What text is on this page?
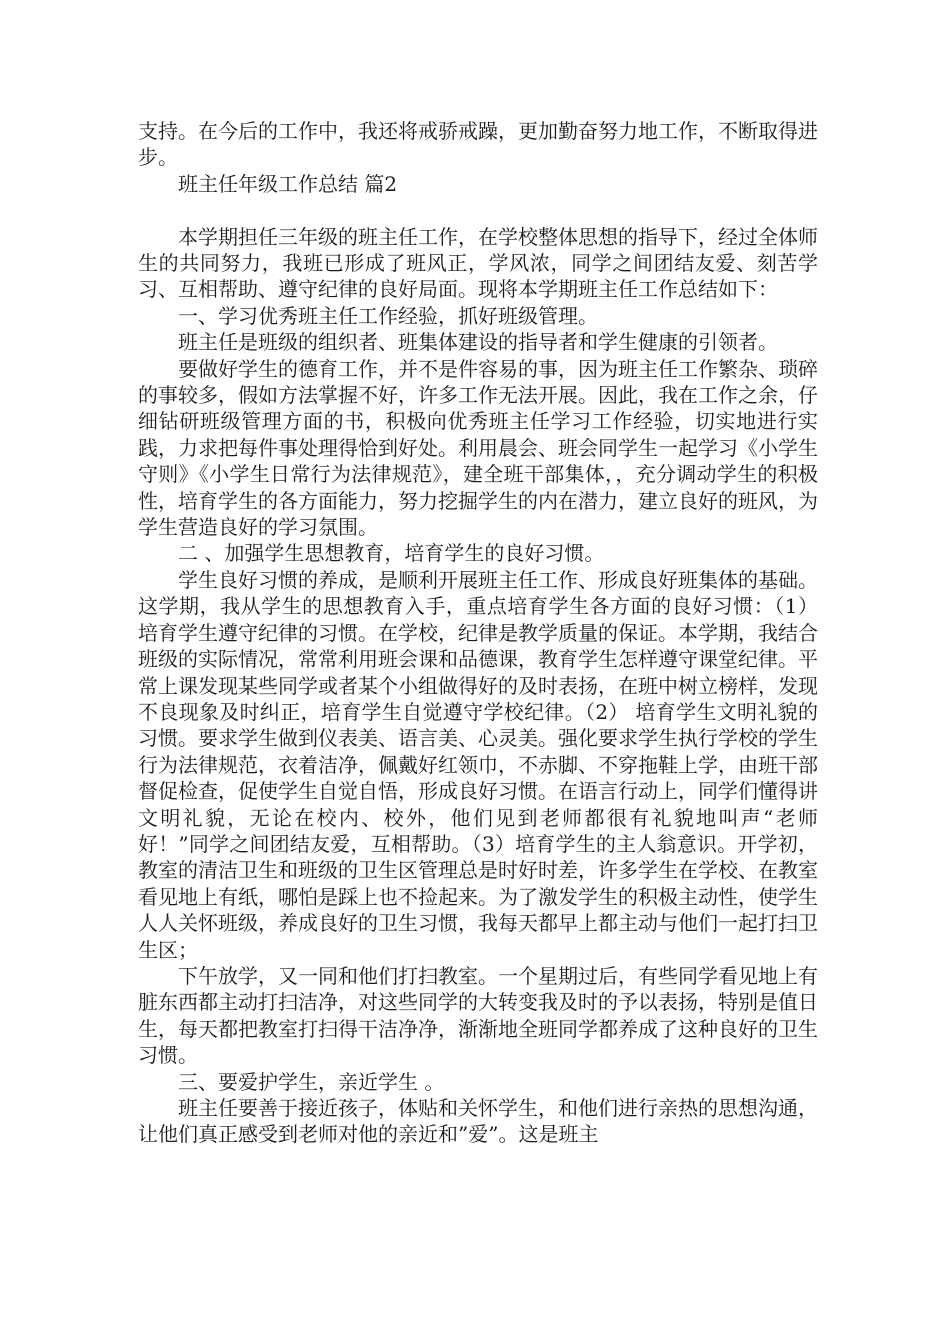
支持。在今后的工作中，我还将戒骄戒躁，更加勤奋努力地工作，不断取得进步。

班主任年级工作总结 篇2

本学期担任三年级的班主任工作，在学校整体思想的指导下，经过全体师生的共同努力，我班已形成了班风正，学风浓，同学之间团结友爱、刻苦学习、互相帮助、遵守纪律的良好局面。现将本学期班主任工作总结如下：

一、学习优秀班主任工作经验，抓好班级管理。

班主任是班级的组织者、班集体建设的指导者和学生健康的引领者。

要做好学生的德育工作，并不是件容易的事，因为班主任工作繁杂、琐碎的事较多，假如方法掌握不好，许多工作无法开展。因此，我在工作之余，仔细钻研班级管理方面的书，积极向优秀班主任学习工作经验，切实地进行实践，力求把每件事处理得恰到好处。利用晨会、班会同学生一起学习《小学生守则》《小学生日常行为法律规范》，建全班干部集体，，充分调动学生的积极性，培育学生的各方面能力，努力挖掘学生的内在潜力，建立良好的班风，为学生营造良好的学习氛围。

二 、加强学生思想教育，培育学生的良好习惯。

学生良好习惯的养成，是顺利开展班主任工作、形成良好班集体的基础。这学期，我从学生的思想教育入手，重点培育学生各方面的良好习惯：（1） 培育学生遵守纪律的习惯。在学校，纪律是教学质量的保证。本学期，我结合班级的实际情况，常常利用班会课和品德课，教育学生怎样遵守课堂纪律。平常上课发现某些同学或者某个小组做得好的及时表扬，在班中树立榜样，发现不良现象及时纠正，培育学生自觉遵守学校纪律。（2） 培育学生文明礼貌的习惯。要求学生做到仪表美、语言美、心灵美。强化要求学生执行学校的学生行为法律规范，衣着洁净，佩戴好红领巾，不赤脚、不穿拖鞋上学，由班干部督促检查，促使学生自觉自悟，形成良好习惯。在语言行动上，同学们懂得讲文明礼貌，无论在校内、校外，他们见到老师都很有礼貌地叫声“老师好！”同学之间团结友爱，互相帮助。（3）培育学生的主人翁意识。开学初，教室的清洁卫生和班级的卫生区管理总是时好时差，许多学生在学校、在教室看见地上有纸，哪怕是踩上也不捡起来。为了激发学生的积极主动性，使学生人人关怀班级，养成良好的卫生习惯，我每天都早上都主动与他们一起打扫卫生区；

下午放学，又一同和他们打扫教室。一个星期过后，有些同学看见地上有脏东西都主动打扫洁净，对这些同学的大转变我及时的予以表扬，特别是值日生，每天都把教室打扫得干洁净净，渐渐地全班同学都养成了这种良好的卫生习惯。

三、要爱护学生，亲近学生 。

班主任要善于接近孩子，体贴和关怀学生，和他们进行亲热的思想沟通，让他们真正感受到老师对他的亲近和”爱”。这是班主
